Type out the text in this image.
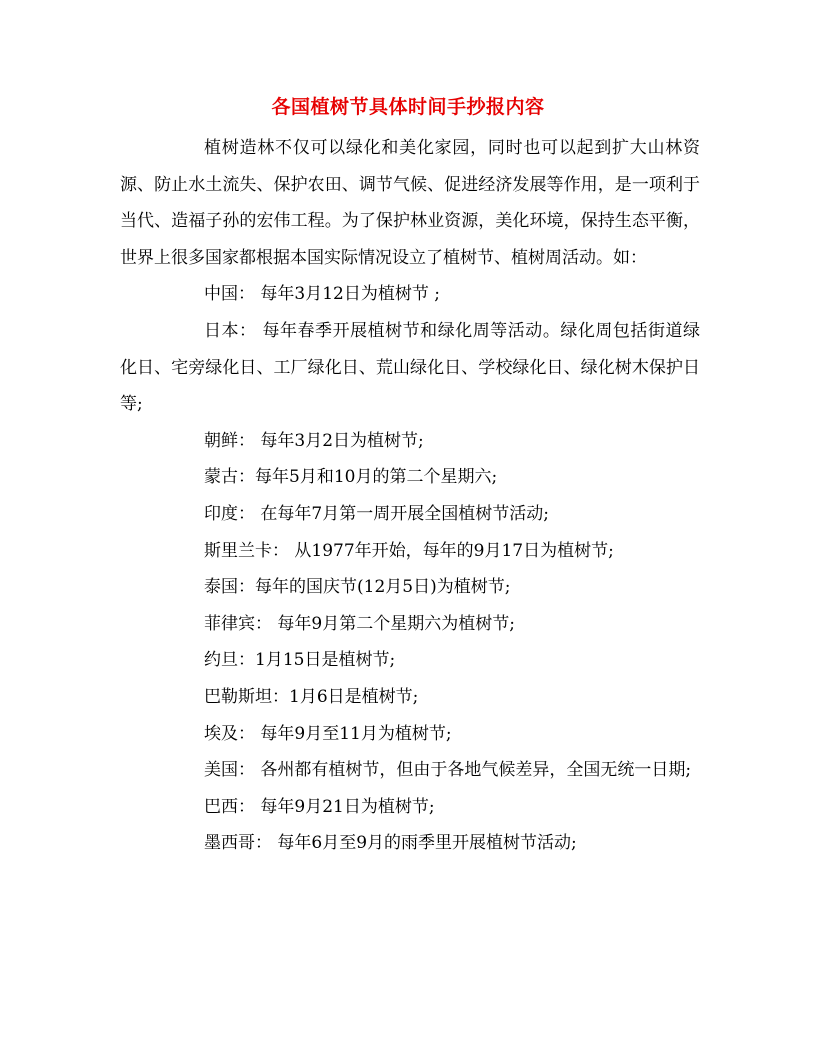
各国植树节具体时间手抄报内容

植树造林不仅可以绿化和美化家园，同时也可以起到扩大山林资源、防止水土流失、保护农田、调节气候、促进经济发展等作用，是一项利于当代、造福子孙的宏伟工程。为了保护林业资源，美化环境，保持生态平衡，世界上很多国家都根据本国实际情况设立了植树节、植树周活动。如：

中国： 每年3月12日为植树节 ;

日本： 每年春季开展植树节和绿化周等活动。绿化周包括街道绿化日、宅旁绿化日、工厂绿化日、荒山绿化日、学校绿化日、绿化树木保护日等;

朝鲜： 每年3月2日为植树节;

蒙古：每年5月和10月的第二个星期六;

印度： 在每年7月第一周开展全国植树节活动;

斯里兰卡： 从1977年开始，每年的9月17日为植树节;

泰国：每年的国庆节(12月5日)为植树节;

菲律宾： 每年9月第二个星期六为植树节;

约旦：1月15日是植树节;

巴勒斯坦：1月6日是植树节;

埃及： 每年9月至11月为植树节;

美国： 各州都有植树节，但由于各地气候差异，全国无统一日期;

巴西： 每年9月21日为植树节;

墨西哥： 每年6月至9月的雨季里开展植树节活动;
